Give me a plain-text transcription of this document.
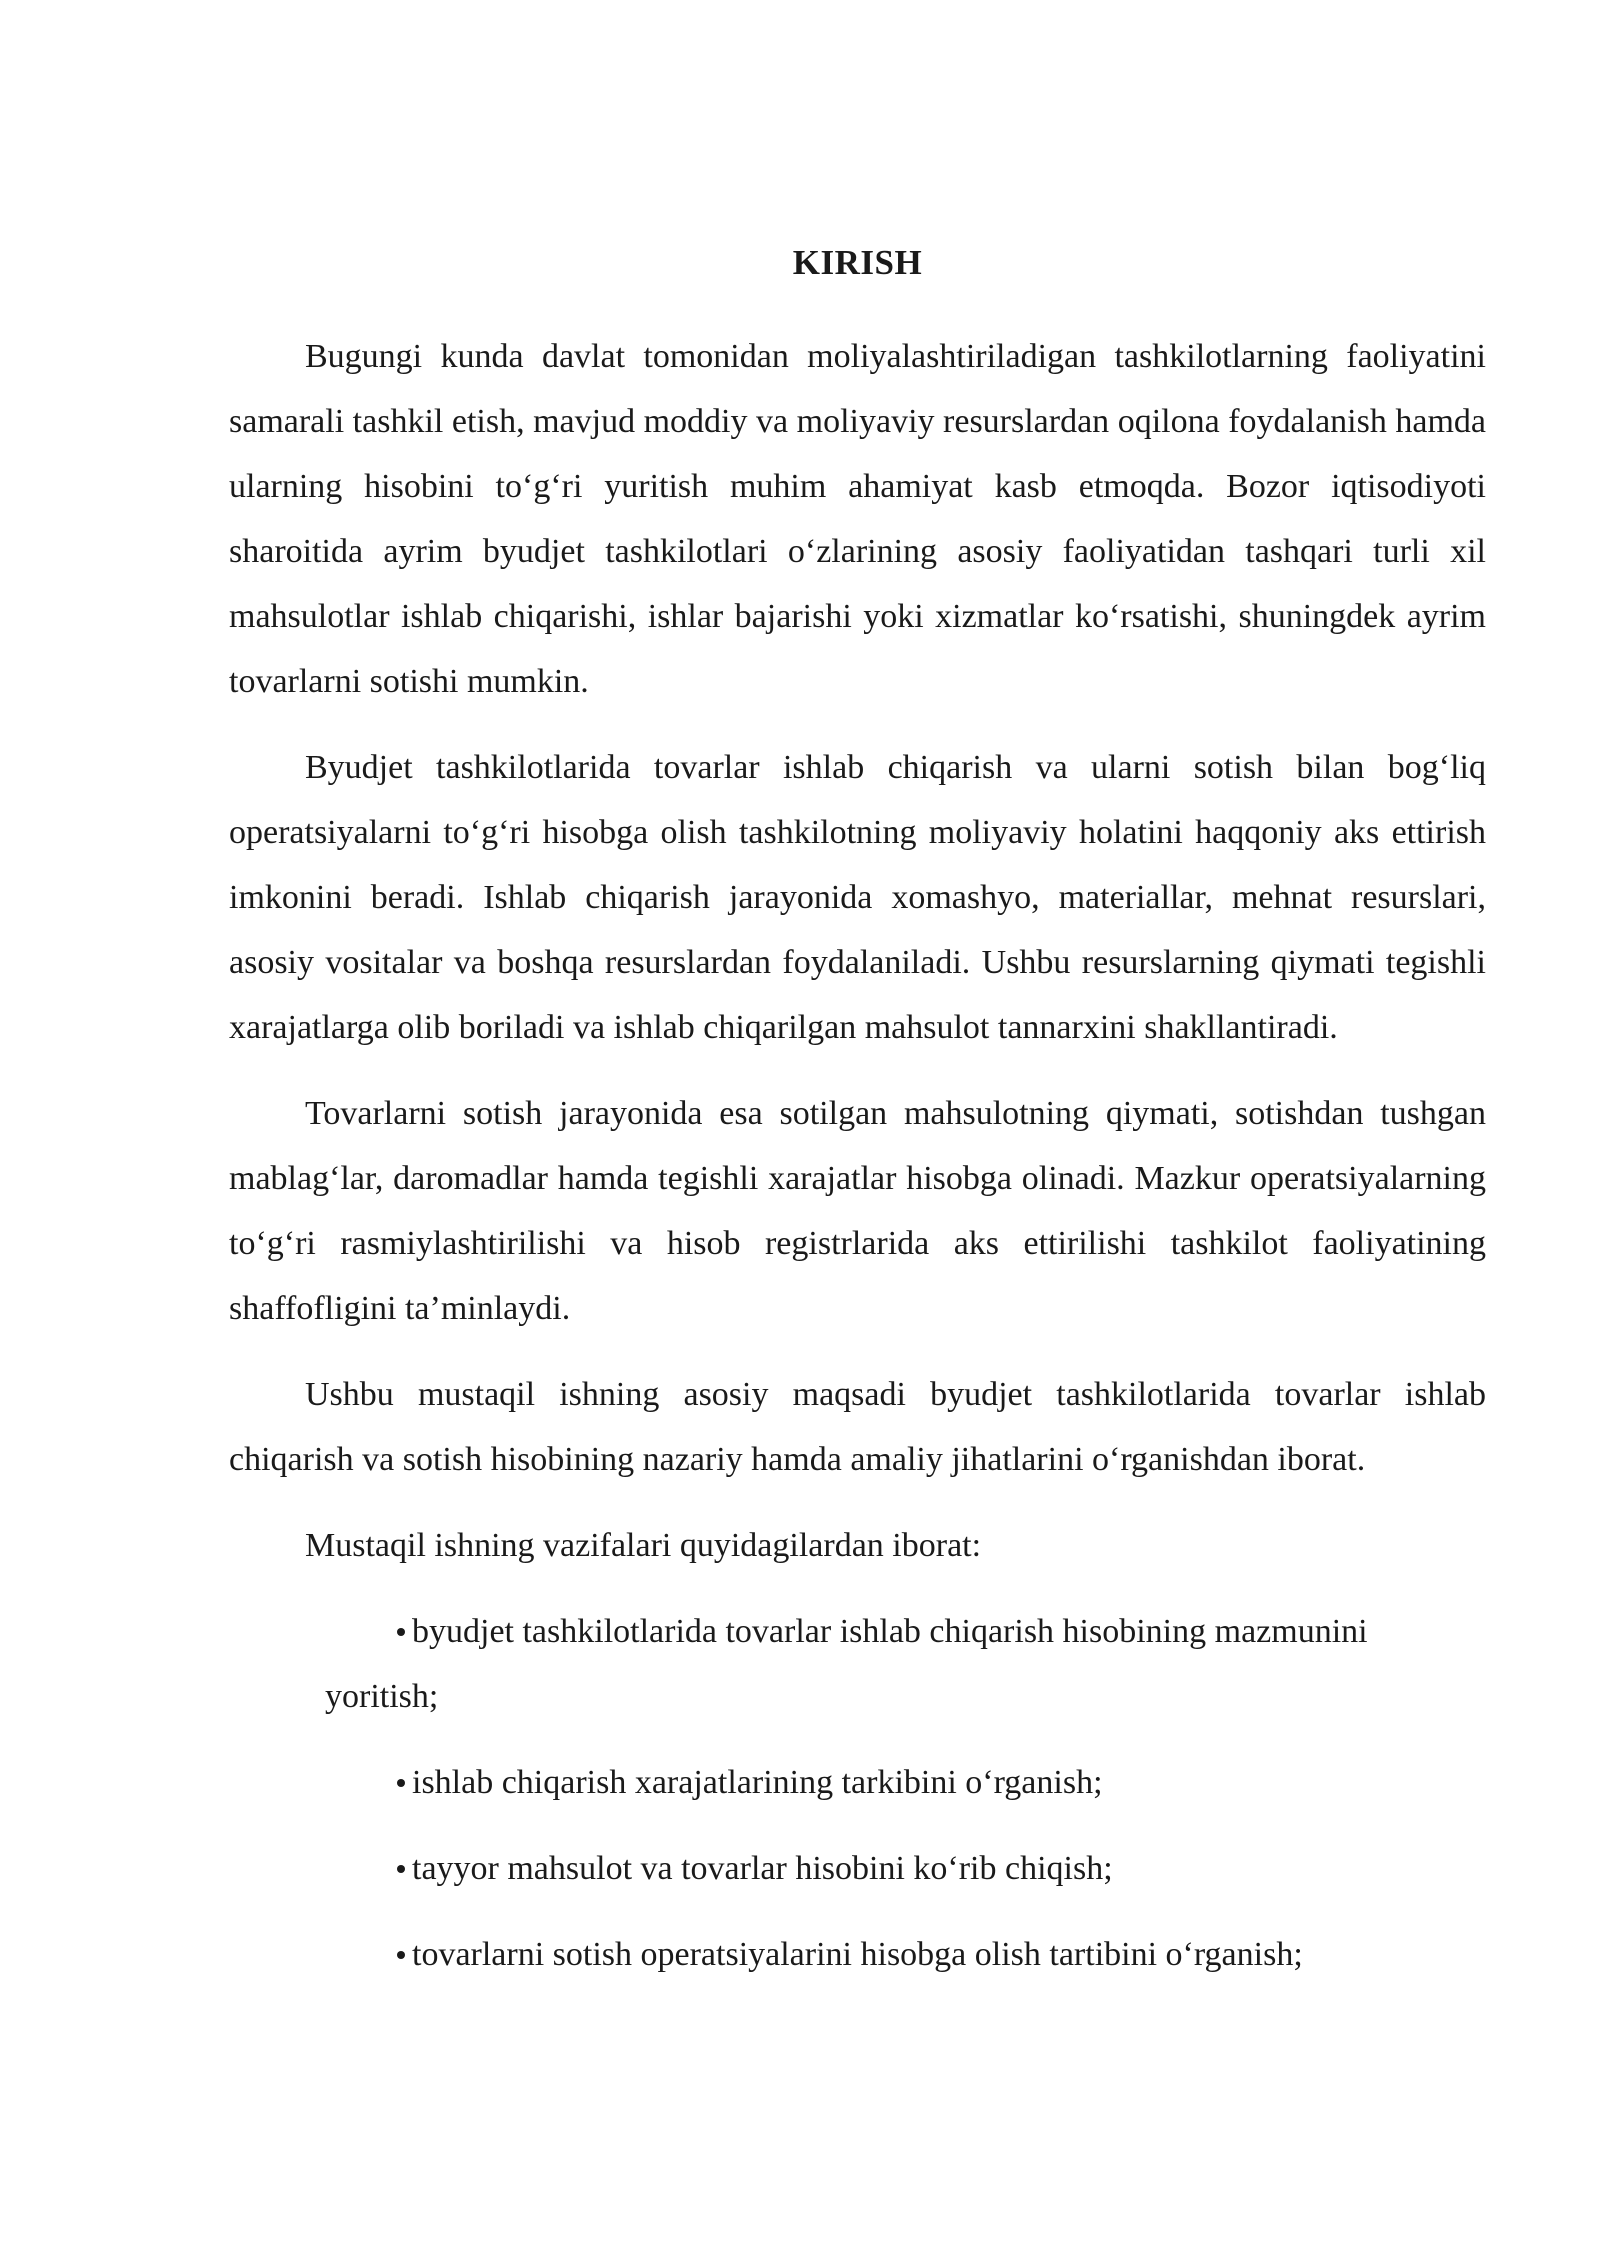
KIRISH

Bugungi kunda davlat tomonidan moliyalashtiriladigan tashkilotlarning faoliyatini samarali tashkil etish, mavjud moddiy va moliyaviy resurslardan oqilona foydalanish hamda ularning hisobini to‘g‘ri yuritish muhim ahamiyat kasb etmoqda. Bozor iqtisodiyoti sharoitida ayrim byudjet tashkilotlari o‘zlarining asosiy faoliyatidan tashqari turli xil mahsulotlar ishlab chiqarishi, ishlar bajarishi yoki xizmatlar ko‘rsatishi, shuningdek ayrim tovarlarni sotishi mumkin.

Byudjet tashkilotlarida tovarlar ishlab chiqarish va ularni sotish bilan bog‘liq operatsiyalarni to‘g‘ri hisobga olish tashkilotning moliyaviy holatini haqqoniy aks ettirish imkonini beradi. Ishlab chiqarish jarayonida xomashyo, materiallar, mehnat resurslari, asosiy vositalar va boshqa resurslardan foydalaniladi. Ushbu resurslarning qiymati tegishli xarajatlarga olib boriladi va ishlab chiqarilgan mahsulot tannarxini shakllantiradi.

Tovarlarni sotish jarayonida esa sotilgan mahsulotning qiymati, sotishdan tushgan mablag‘lar, daromadlar hamda tegishli xarajatlar hisobga olinadi. Mazkur operatsiyalarning to‘g‘ri rasmiylashtirilishi va hisob registrlarida aks ettirilishi tashkilot faoliyatining shaffofligini ta’minlaydi.

Ushbu mustaqil ishning asosiy maqsadi byudjet tashkilotlarida tovarlar ishlab chiqarish va sotish hisobining nazariy hamda amaliy jihatlarini o‘rganishdan iborat.

Mustaqil ishning vazifalari quyidagilardan iborat:

byudjet tashkilotlarida tovarlar ishlab chiqarish hisobining mazmunini yoritish;
ishlab chiqarish xarajatlarining tarkibini o‘rganish;
tayyor mahsulot va tovarlar hisobini ko‘rib chiqish;
tovarlarni sotish operatsiyalarini hisobga olish tartibini o‘rganish;
